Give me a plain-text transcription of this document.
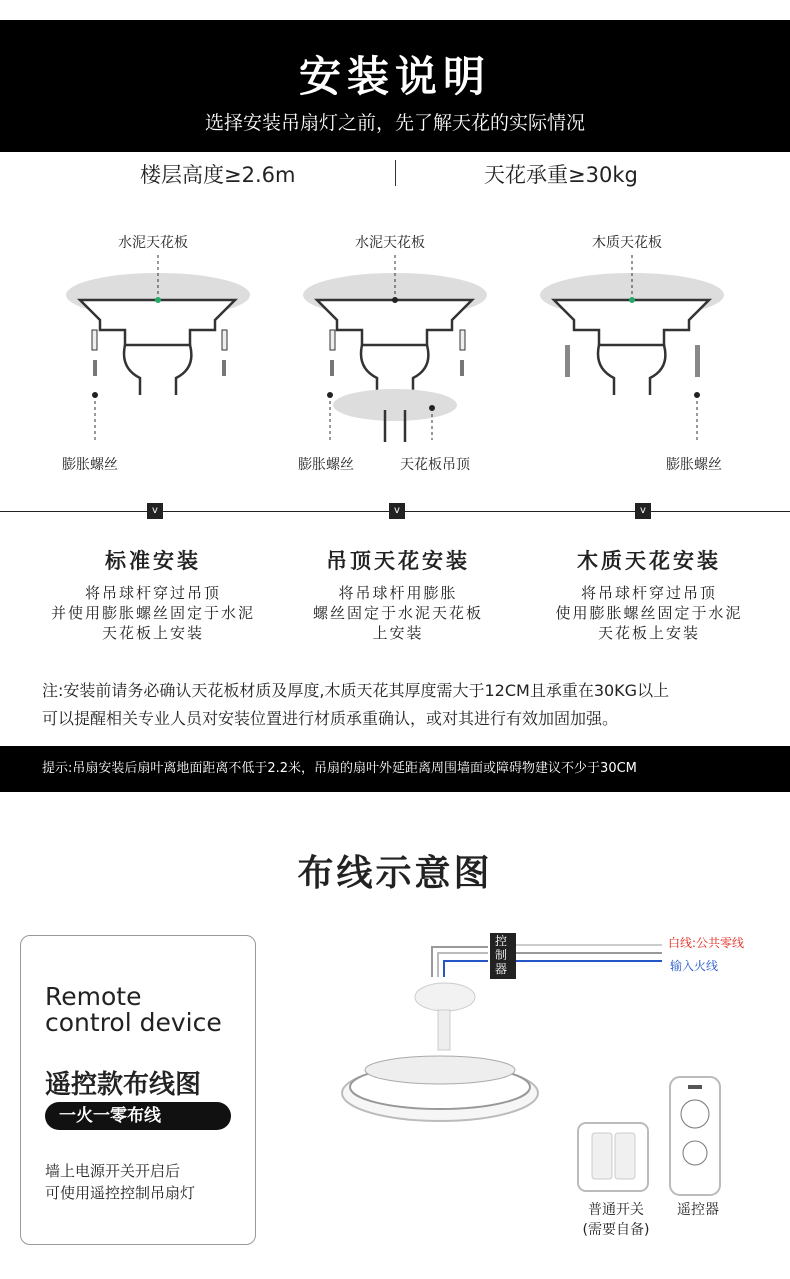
安装说明
选择安装吊扇灯之前，先了解天花的实际情况
楼层高度≥2.6m	天花承重≥30kg
水泥天花板	水泥天花板	木质天花板
膨胀螺丝	膨胀螺丝	天花板吊顶	膨胀螺丝
v	v	v
标准安装
将吊球杆穿过吊顶
并使用膨胀螺丝固定于水泥
天花板上安装
吊顶天花安装
将吊球杆用膨胀
螺丝固定于水泥天花板
上安装
木质天花安装
将吊球杆穿过吊顶
使用膨胀螺丝固定于水泥
天花板上安装
注:安装前请务必确认天花板材质及厚度,木质天花其厚度需大于12CM且承重在30KG以上
可以提醒相关专业人员对安装位置进行材质承重确认，或对其进行有效加固加强。
提示:吊扇安装后扇叶离地面距离不低于2.2米，吊扇的扇叶外延距离周围墙面或障碍物建议不少于30CM
布线示意图
Remote
control device
遥控款布线图
一火一零布线
墙上电源开关开启后
可使用遥控控制吊扇灯
控制器
白线:公共零线
输入火线
普通开关
(需要自备)
遥控器
